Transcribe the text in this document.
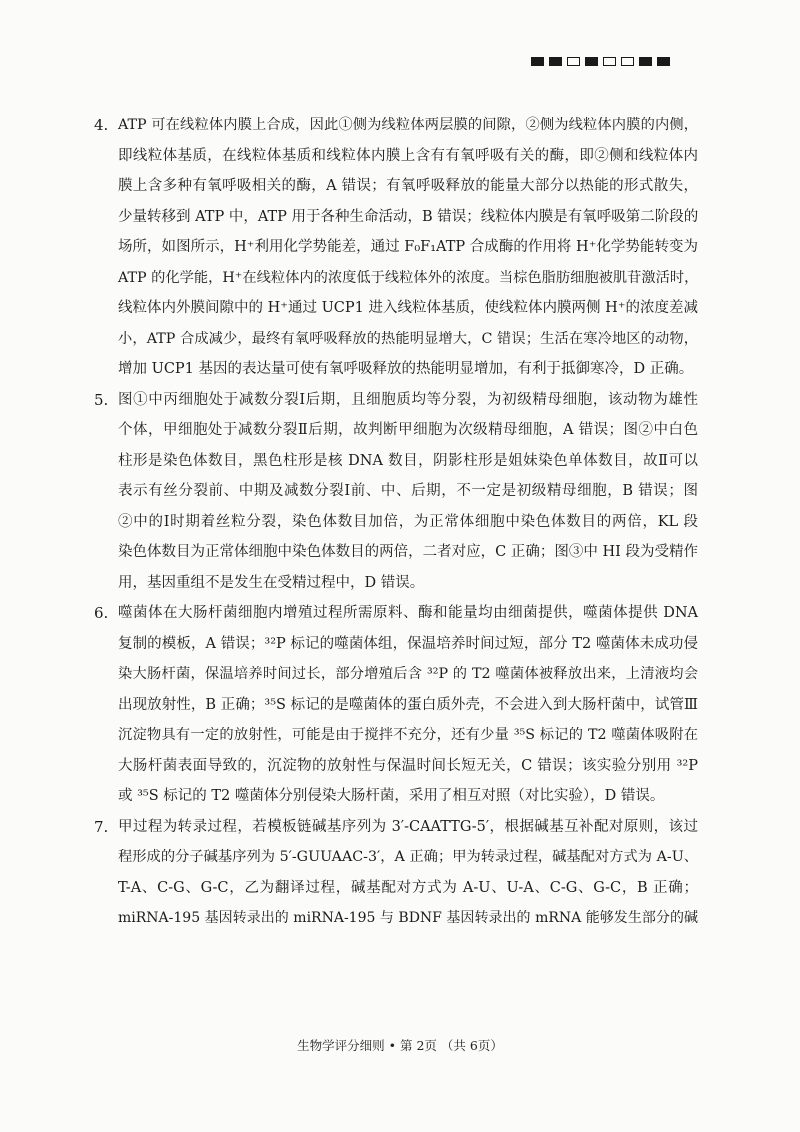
4. ATP 可在线粒体内膜上合成，因此①侧为线粒体两层膜的间隙，②侧为线粒体内膜的内侧，
即线粒体基质，在线粒体基质和线粒体内膜上含有有氧呼吸有关的酶，即②侧和线粒体内
膜上含多种有氧呼吸相关的酶，A 错误；有氧呼吸释放的能量大部分以热能的形式散失，
少量转移到 ATP 中，ATP 用于各种生命活动，B 错误；线粒体内膜是有氧呼吸第二阶段的
场所，如图所示，H⁺利用化学势能差，通过 F₀F₁ATP 合成酶的作用将 H⁺化学势能转变为
ATP 的化学能，H⁺在线粒体内的浓度低于线粒体外的浓度。当棕色脂肪细胞被肌苷激活时，
线粒体内外膜间隙中的 H⁺通过 UCP1 进入线粒体基质，使线粒体内膜两侧 H⁺的浓度差减
小，ATP 合成减少，最终有氧呼吸释放的热能明显增大，C 错误；生活在寒冷地区的动物，
增加 UCP1 基因的表达量可使有氧呼吸释放的热能明显增加，有利于抵御寒冷，D 正确。
5. 图①中丙细胞处于减数分裂Ⅰ后期，且细胞质均等分裂，为初级精母细胞，该动物为雄性
个体，甲细胞处于减数分裂Ⅱ后期，故判断甲细胞为次级精母细胞，A 错误；图②中白色
柱形是染色体数目，黑色柱形是核 DNA 数目，阴影柱形是姐妹染色单体数目，故Ⅱ可以
表示有丝分裂前、中期及减数分裂Ⅰ前、中、后期，不一定是初级精母细胞，B 错误；图
②中的Ⅰ时期着丝粒分裂，染色体数目加倍，为正常体细胞中染色体数目的两倍，KL 段
染色体数目为正常体细胞中染色体数目的两倍，二者对应，C 正确；图③中 HI 段为受精作
用，基因重组不是发生在受精过程中，D 错误。
6. 噬菌体在大肠杆菌细胞内增殖过程所需原料、酶和能量均由细菌提供，噬菌体提供 DNA
复制的模板，A 错误；³²P 标记的噬菌体组，保温培养时间过短，部分 T2 噬菌体未成功侵
染大肠杆菌，保温培养时间过长，部分增殖后含 ³²P 的 T2 噬菌体被释放出来，上清液均会
出现放射性，B 正确；³⁵S 标记的是噬菌体的蛋白质外壳，不会进入到大肠杆菌中，试管Ⅲ
沉淀物具有一定的放射性，可能是由于搅拌不充分，还有少量 ³⁵S 标记的 T2 噬菌体吸附在
大肠杆菌表面导致的，沉淀物的放射性与保温时间长短无关，C 错误；该实验分别用 ³²P
或 ³⁵S 标记的 T2 噬菌体分别侵染大肠杆菌，采用了相互对照（对比实验），D 错误。
7. 甲过程为转录过程，若模板链碱基序列为 3′-CAATTG-5′，根据碱基互补配对原则，该过
程形成的分子碱基序列为 5′-GUUAAC-3′，A 正确；甲为转录过程，碱基配对方式为 A-U、
T-A、C-G、G-C，乙为翻译过程，碱基配对方式为 A-U、U-A、C-G、G-C，B 正确；
miRNA-195 基因转录出的 miRNA-195 与 BDNF 基因转录出的 mRNA 能够发生部分的碱
生物学评分细则 • 第 2页 （共 6页）
